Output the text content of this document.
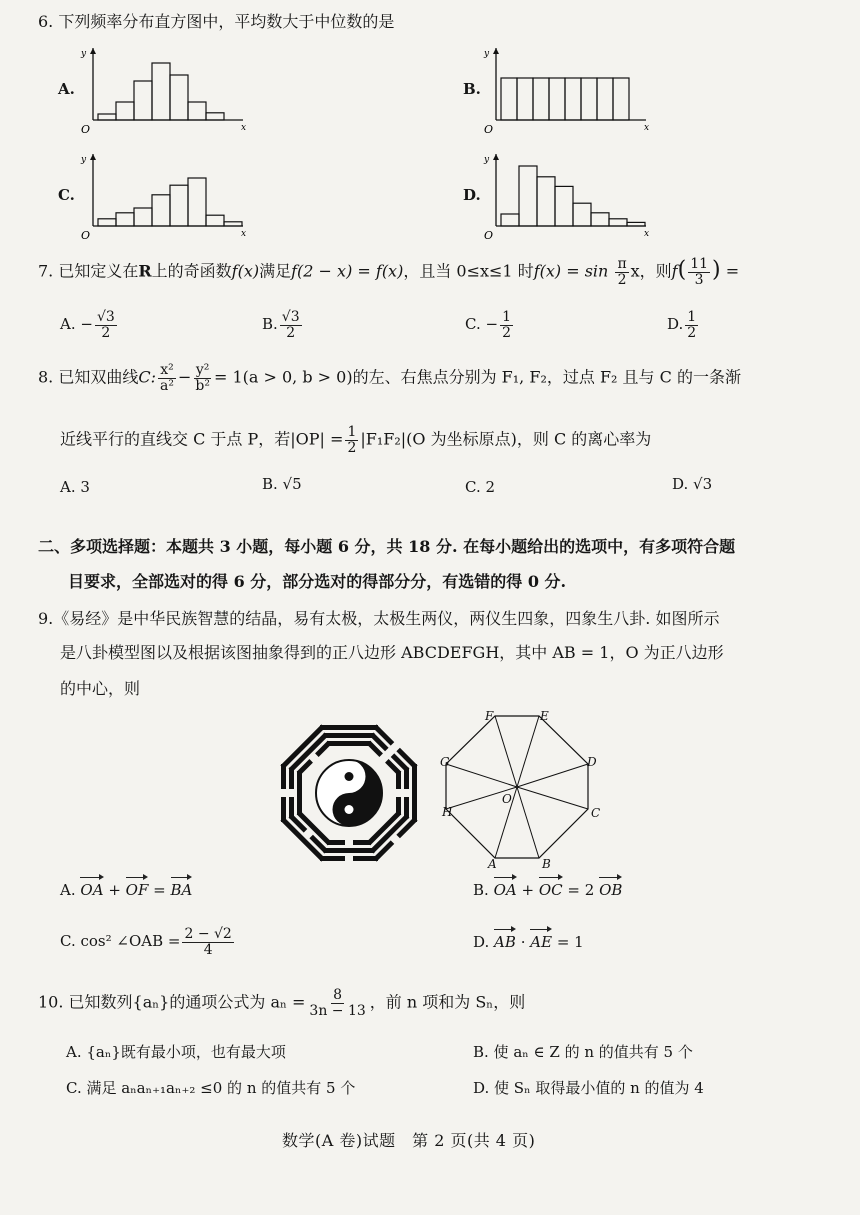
6. 下列频率分布直方图中，平均数大于中位数的是
A.	B.
C.	D.
y
x
O
y
x
O
y
x
O
y
x
O
7. 已知定义在R上的奇函数f(x)满足f(2 − x) = f(x)，且当 0≤x≤1 时$f(x) = \sin \frac{\pi}{2}$ x，则$f( \frac{11}{3}$ ) =
A. − $\frac{√3}{2}$	B. $\frac{√3}{2}$	C. − $\frac{1}{2}$	D. $\frac{1}{2}$
8. 已知双曲线C: $\frac{\text{x²}}{\text{a²}} - \frac{\text{y²}}{\text{b²}} = 1(a > 0$, b > 0)的左、右焦点分别为 F₁, F₂，过点 F₂ 且与 C 的一条渐
近线平行的直线交 C 于点 P，若$|OP| = \frac{1}{2} |F_1F_2|(O$ 为坐标原点)，则 C 的离心率为
A. 3	B. √5	C. 2	D. √3
二、多项选择题：本题共 3 小题，每小题 6 分，共 18 分. 在每小题给出的选项中，有多项符合题
目要求，全部选对的得 6 分，部分选对的得部分分，有选错的得 0 分.
9.《易经》是中华民族智慧的结晶，易有太极，太极生两仪，两仪生四象，四象生八卦. 如图所示
是八卦模型图以及根据该图抽象得到的正八边形 ABCDEFGH，其中 AB = 1，O 为正八边形
的中心，则
A	B
C
D
E
F
G
H
O
A. OA + OF = BA	B. OA + OC = 2 OB
C. cos² ∠OAB = $\frac{2 - √2}{4}$	D. AB · AE = 1
10. 已知数列{aₙ}的通项公式为 $a_n = \frac{8}{3n - 13}$ ，前 n 项和为 Sₙ，则
A. {aₙ}既有最小项，也有最大项	B. 使 aₙ ∈ Z 的 n 的值共有 5 个
C. 满足 aₙaₙ₊₁aₙ₊₂ ≤0 的 n 的值共有 5 个	D. 使 Sₙ 取得最小值的 n 的值为 4
数学(A 卷)试题　第 2 页(共 4 页)
